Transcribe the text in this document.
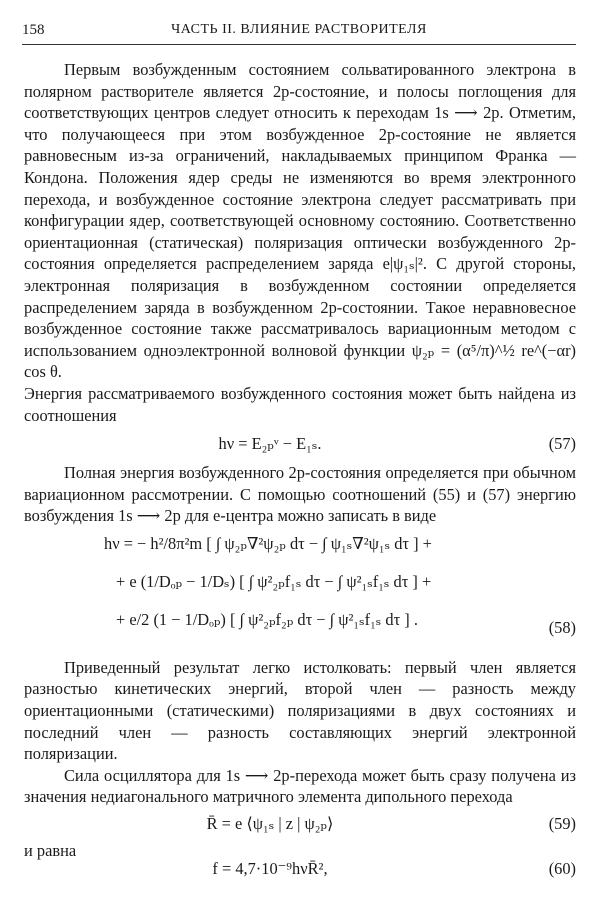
158	ЧАСТЬ II. ВЛИЯНИЕ РАСТВОРИТЕЛЯ

Первым возбужденным состоянием сольватированного электрона в полярном растворителе является 2p-состояние, и полосы поглощения для соответствующих центров следует относить к переходам 1s ⟶ 2p. Отметим, что получающееся при этом возбужденное 2p-состояние не является равновесным из-за ограничений, накладываемых принципом Франка — Кондона. Положения ядер среды не изменяются во время электронного перехода, и возбужденное состояние электрона следует рассматривать при конфигурации ядер, соответствующей основному состоянию. Соответственно ориентационная (статическая) поляризация оптически возбужденного 2p-состояния определяется распределением заряда e|ψ₁ₛ|². С другой стороны, электронная поляризация в возбужденном состоянии определяется распределением заряда в возбужденном 2p-состоянии. Такое неравновесное возбужденное состояние также рассматривалось вариационным методом с использованием одноэлектронной волновой функции ψ₂ₚ = (α⁵/π)^½ re^(−αr) cos θ.

Энергия рассматриваемого возбужденного состояния может быть найдена из соотношения

hν = E₂ₚᵛ − E₁ₛ.	(57)

Полная энергия возбужденного 2p-состояния определяется при обычном вариационном рассмотрении. С помощью соотношений (55) и (57) энергию возбуждения 1s ⟶ 2p для e-центра можно записать в виде

hν = − h²/8π²m [ ∫ ψ₂ₚ∇²ψ₂ₚ dτ − ∫ ψ₁ₛ∇²ψ₁ₛ dτ ] +
+ e (1/Dₒₚ − 1/Dₛ) [ ∫ ψ²₂ₚf₁ₛ dτ − ∫ ψ²₁ₛf₁ₛ dτ ] +
+ e/2 (1 − 1/Dₒₚ) [ ∫ ψ²₂ₚf₂ₚ dτ − ∫ ψ²₁ₛf₁ₛ dτ ] .	(58)

Приведенный результат легко истолковать: первый член является разностью кинетических энергий, второй член — разность между ориентационными (статическими) поляризациями в двух состояниях и последний член — разность составляющих энергий электронной поляризации.

Сила осциллятора для 1s ⟶ 2p-перехода может быть сразу получена из значения недиагонального матричного элемента дипольного перехода

R̄ = e ⟨ψ₁ₛ | z | ψ₂ₚ⟩	(59)

и равна

f = 4,7·10⁻⁹hνR̄²,	(60)
